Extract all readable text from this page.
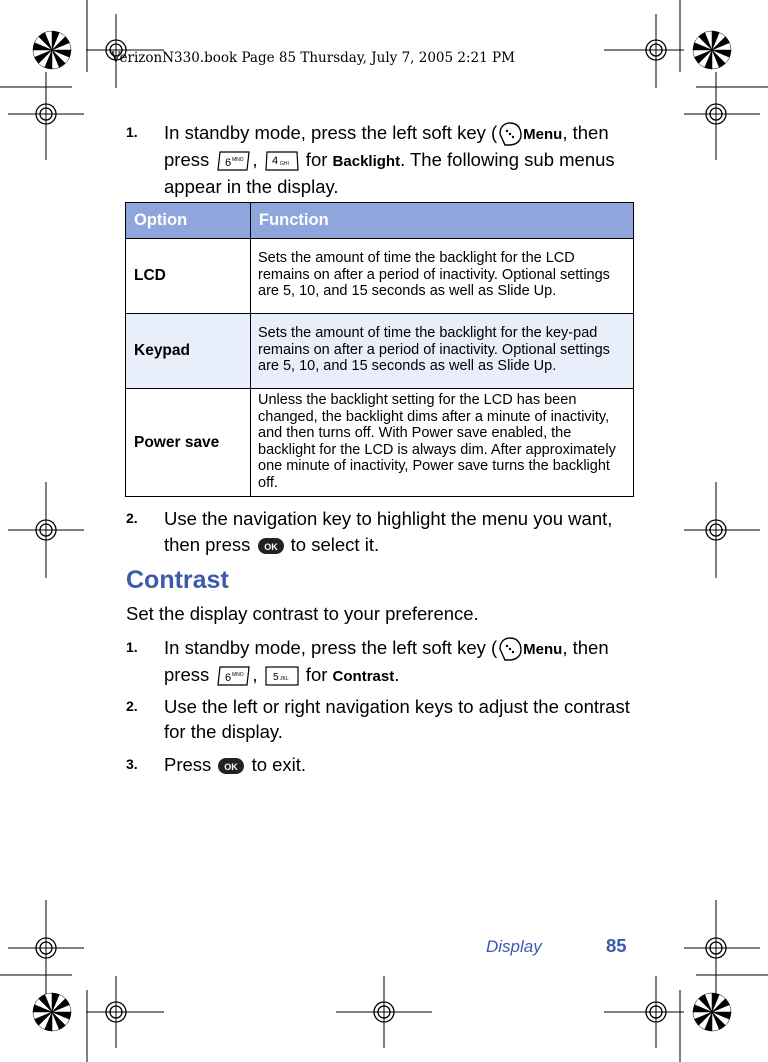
VerizonN330.book Page 85 Thursday, July 7, 2005 2:21 PM
1. In standby mode, press the left soft key ( Menu, then press 6 MNO , 4 GHI for Backlight. The following sub menus appear in the display.
Option	Function
LCD	Sets the amount of time the backlight for the LCD remains on after a period of inactivity. Optional settings are 5, 10, and 15 seconds as well as Slide Up.
Keypad	Sets the amount of time the backlight for the key-pad remains on after a period of inactivity. Optional settings are 5, 10, and 15 seconds as well as Slide Up.
Power save	Unless the backlight setting for the LCD has been changed, the backlight dims after a minute of inactivity, and then turns off. With Power save enabled, the backlight for the LCD is always dim. After approximately one minute of inactivity, Power save turns the backlight off.
2. Use the navigation key to highlight the menu you want, then press OK to select it.
Contrast
Set the display contrast to your preference.
1. In standby mode, press the left soft key ( Menu, then press 6 MNO , 5 JKL for Contrast.
2. Use the left or right navigation keys to adjust the contrast for the display.
3. Press OK to exit.
Display	85
